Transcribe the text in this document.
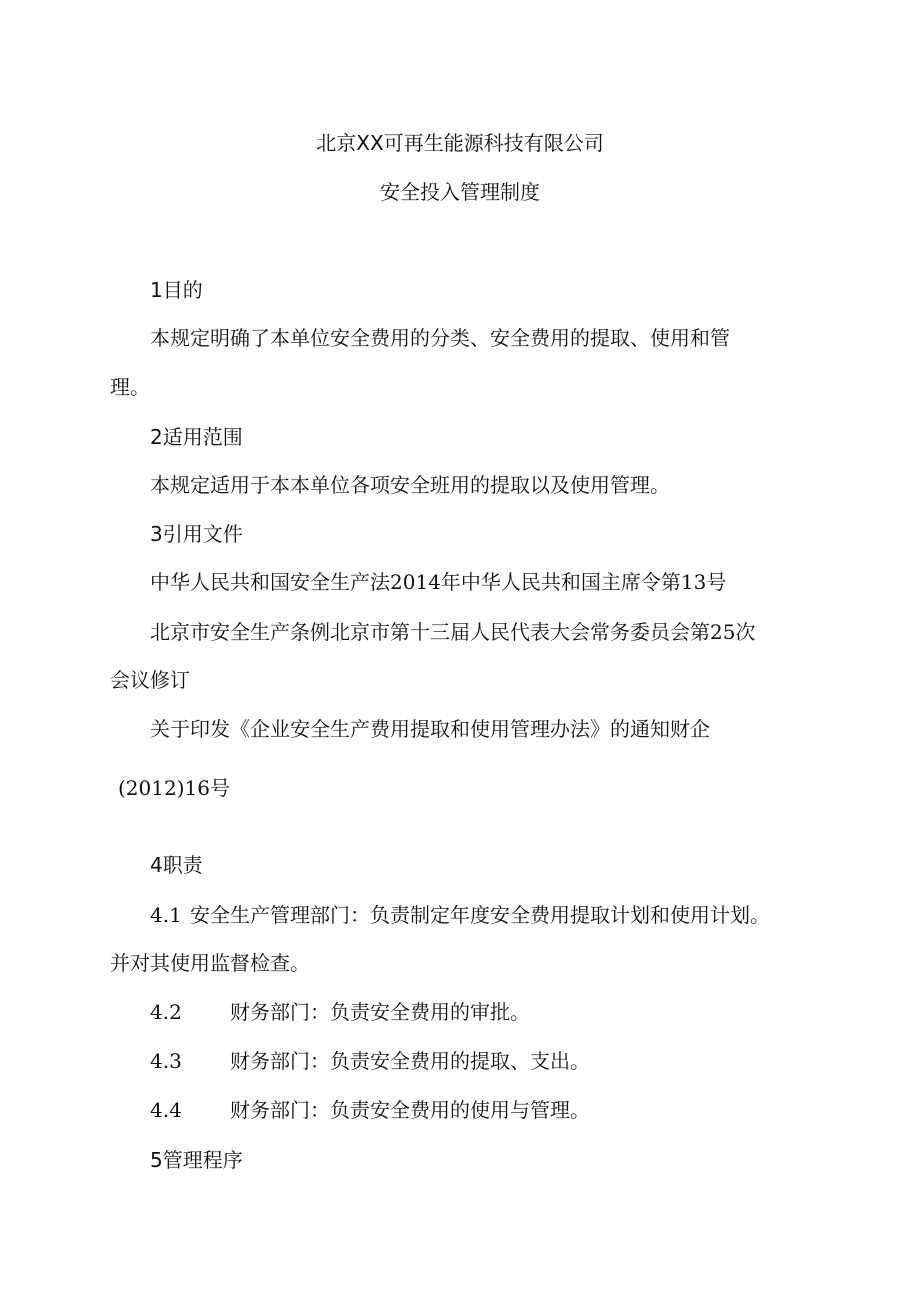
北京XX可再生能源科技有限公司
安全投入管理制度
1目的
本规定明确了本单位安全费用的分类、安全费用的提取、使用和管
理。
2适用范围
本规定适用于本本单位各项安全班用的提取以及使用管理。
3引用文件
中华人民共和国安全生产法2014年中华人民共和国主席令第13号
北京市安全生产条例北京市第十三届人民代表大会常务委员会第25次
会议修订
关于印发《企业安全生产费用提取和使用管理办法》的通知财企
(2012)16号
4职责
4.1 安全生产管理部门：负责制定年度安全费用提取计划和使用计划。
并对其使用监督检查。
4.2 财务部门：负责安全费用的审批。
4.3 财务部门：负责安全费用的提取、支出。
4.4 财务部门：负责安全费用的使用与管理。
5管理程序
